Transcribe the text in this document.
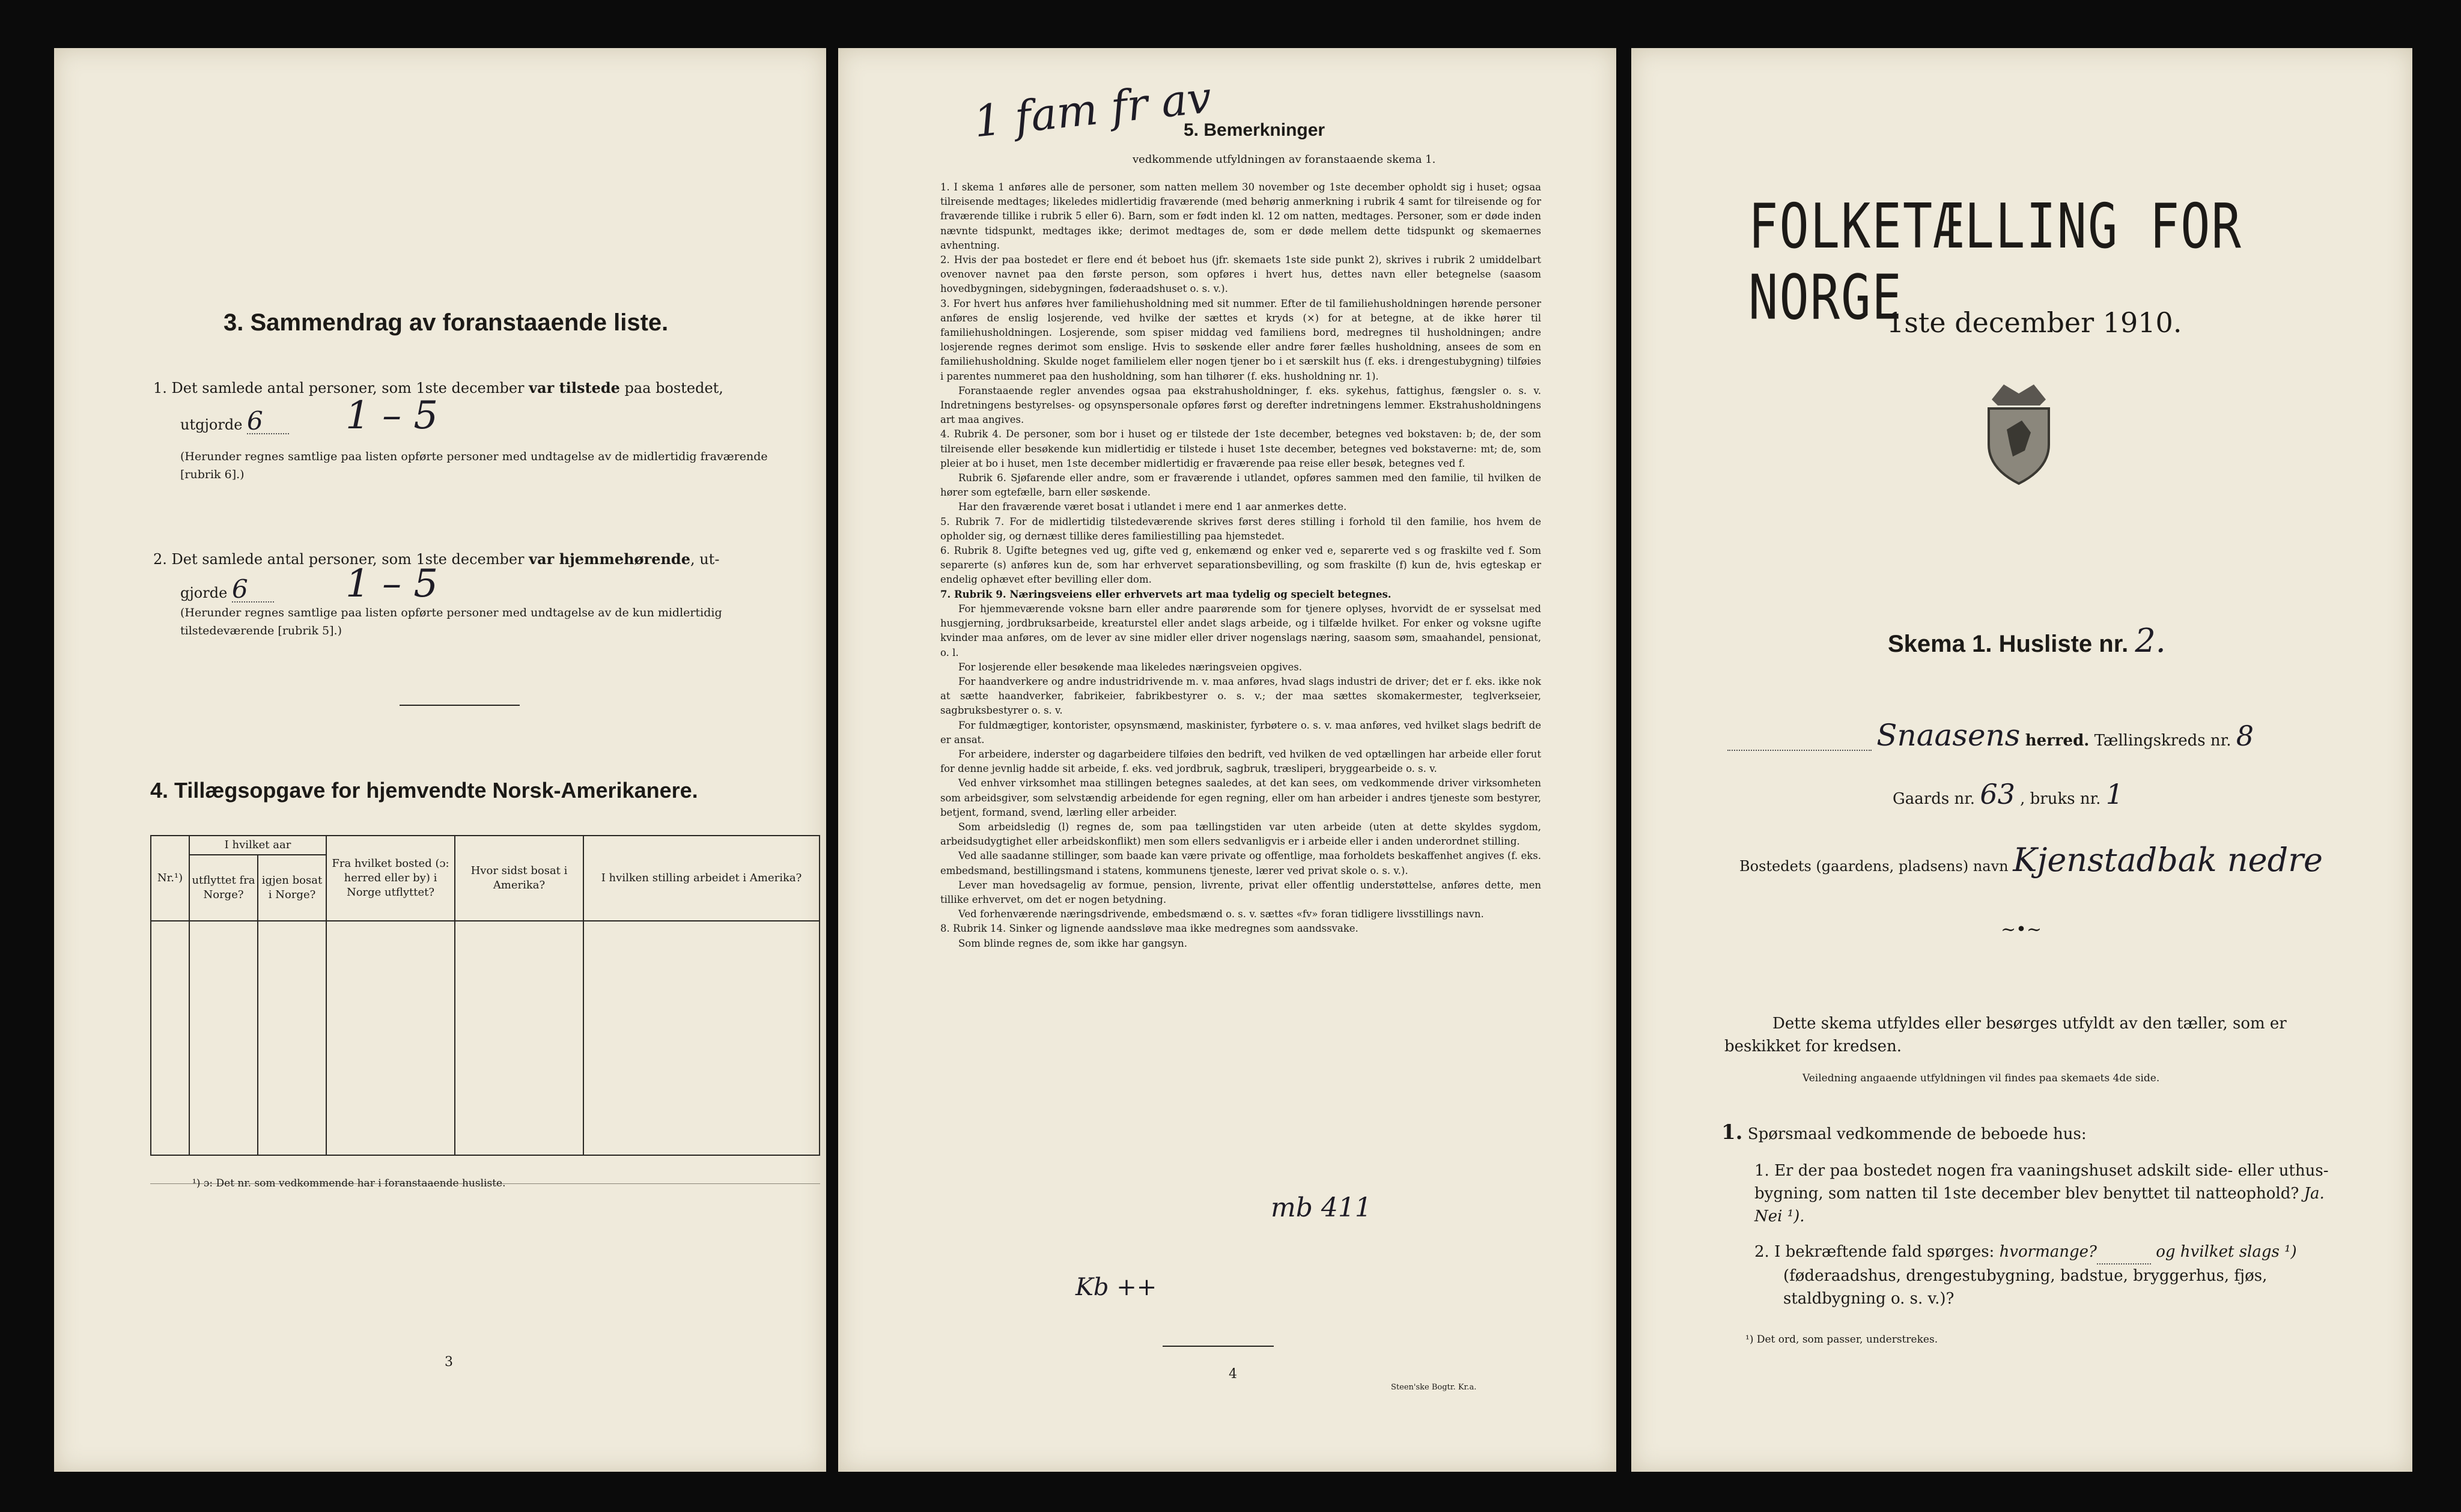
3. Sammendrag av foranstaaende liste.
1. Det samlede antal personer, som 1ste december var tilstede paa bostedet,
utgjorde 6	1 – 5
(Herunder regnes samtlige paa listen opførte personer med undtagelse av de midlertidig fraværende [rubrik 6].)
2. Det samlede antal personer, som 1ste december var hjemmehørende, ut-
gjorde 6	1 – 5
(Herunder regnes samtlige paa listen opførte personer med undtagelse av de kun midlertidig tilstedeværende [rubrik 5].)
4. Tillægsopgave for hjemvendte Norsk-Amerikanere.
Nr.¹)	I hvilket aar		Fra hvilket bosted (ɔ: herred eller by) i Norge utflyttet?	Hvor sidst bosat i Amerika?	I hvilken stilling arbeidet i Amerika?
	utflyttet fra Norge?	igjen bosat i Norge?			

¹) ɔ: Det nr. som vedkommende har i foranstaaende husliste.
3
1 fam fr av
5. Bemerkninger
vedkommende utfyldningen av foranstaaende skema 1.

1. I skema 1 anføres alle de personer, som natten mellem 30 november og 1ste december opholdt sig i huset; ogsaa tilreisende medtages; likeledes midlertidig fraværende (med behørig anmerkning i rubrik 4 samt for tilreisende og for fraværende tillike i rubrik 5 eller 6). Barn, som er født inden kl. 12 om natten, medtages. Personer, som er døde inden nævnte tidspunkt, medtages ikke; derimot medtages de, som er døde mellem dette tidspunkt og skemaernes avhentning.

2. Hvis der paa bostedet er flere end ét beboet hus (jfr. skemaets 1ste side punkt 2), skrives i rubrik 2 umiddelbart ovenover navnet paa den første person, som opføres i hvert hus, dettes navn eller betegnelse (saasom hovedbygningen, sidebygningen, føderaadshuset o. s. v.).

3. For hvert hus anføres hver familiehusholdning med sit nummer. Efter de til familiehusholdningen hørende personer anføres de enslig losjerende, ved hvilke der sættes et kryds (×) for at betegne, at de ikke hører til familiehusholdningen. Losjerende, som spiser middag ved familiens bord, medregnes til husholdningen; andre losjerende regnes derimot som enslige. Hvis to søskende eller andre fører fælles husholdning, ansees de som en familiehusholdning. Skulde noget familielem eller nogen tjener bo i et særskilt hus (f. eks. i drengestubygning) tilføies i parentes nummeret paa den husholdning, som han tilhører (f. eks. husholdning nr. 1).

Foranstaaende regler anvendes ogsaa paa ekstrahusholdninger, f. eks. sykehus, fattighus, fængsler o. s. v. Indretningens bestyrelses- og opsynspersonale opføres først og derefter indretningens lemmer. Ekstrahusholdningens art maa angives.

4. Rubrik 4. De personer, som bor i huset og er tilstede der 1ste december, betegnes ved bokstaven: b; de, der som tilreisende eller besøkende kun midlertidig er tilstede i huset 1ste december, betegnes ved bokstaverne: mt; de, som pleier at bo i huset, men 1ste december midlertidig er fraværende paa reise eller besøk, betegnes ved f.

Rubrik 6. Sjøfarende eller andre, som er fraværende i utlandet, opføres sammen med den familie, til hvilken de hører som egtefælle, barn eller søskende.

Har den fraværende været bosat i utlandet i mere end 1 aar anmerkes dette.

5. Rubrik 7. For de midlertidig tilstedeværende skrives først deres stilling i forhold til den familie, hos hvem de opholder sig, og dernæst tillike deres familiestilling paa hjemstedet.

6. Rubrik 8. Ugifte betegnes ved ug, gifte ved g, enkemænd og enker ved e, separerte ved s og fraskilte ved f. Som separerte (s) anføres kun de, som har erhvervet separationsbevilling, og som fraskilte (f) kun de, hvis egteskap er endelig ophævet efter bevilling eller dom.

7. Rubrik 9. Næringsveiens eller erhvervets art maa tydelig og specielt betegnes.

For hjemmeværende voksne barn eller andre paarørende som for tjenere oplyses, hvorvidt de er sysselsat med husgjerning, jordbruksarbeide, kreaturstel eller andet slags arbeide, og i tilfælde hvilket. For enker og voksne ugifte kvinder maa anføres, om de lever av sine midler eller driver nogenslags næring, saasom søm, smaahandel, pensionat, o. l.

For losjerende eller besøkende maa likeledes næringsveien opgives.

For haandverkere og andre industridrivende m. v. maa anføres, hvad slags industri de driver; det er f. eks. ikke nok at sætte haandverker, fabrikeier, fabrikbestyrer o. s. v.; der maa sættes skomakermester, teglverkseier, sagbruksbestyrer o. s. v.

For fuldmægtiger, kontorister, opsynsmænd, maskinister, fyrbøtere o. s. v. maa anføres, ved hvilket slags bedrift de er ansat.

For arbeidere, inderster og dagarbeidere tilføies den bedrift, ved hvilken de ved optællingen har arbeide eller forut for denne jevnlig hadde sit arbeide, f. eks. ved jordbruk, sagbruk, træsliperi, bryggearbeide o. s. v.

Ved enhver virksomhet maa stillingen betegnes saaledes, at det kan sees, om vedkommende driver virksomheten som arbeidsgiver, som selvstændig arbeidende for egen regning, eller om han arbeider i andres tjeneste som bestyrer, betjent, formand, svend, lærling eller arbeider.

Som arbeidsledig (l) regnes de, som paa tællingstiden var uten arbeide (uten at dette skyldes sygdom, arbeidsudygtighet eller arbeidskonflikt) men som ellers sedvanligvis er i arbeide eller i anden underordnet stilling.

Ved alle saadanne stillinger, som baade kan være private og offentlige, maa forholdets beskaffenhet angives (f. eks. embedsmand, bestillingsmand i statens, kommunens tjeneste, lærer ved privat skole o. s. v.).

Lever man hovedsagelig av formue, pension, livrente, privat eller offentlig understøttelse, anføres dette, men tillike erhvervet, om det er nogen betydning.

Ved forhenværende næringsdrivende, embedsmænd o. s. v. sættes «fv» foran tidligere livsstillings navn.

8. Rubrik 14. Sinker og lignende aandssløve maa ikke medregnes som aandssvake.

Som blinde regnes de, som ikke har gangsyn.

mb 411
Kb ++
4
Steen'ske Bogtr. Kr.a.
FOLKETÆLLING FOR NORGE
1ste december 1910.
Skema 1. Husliste nr. 2.
Snaasens herred. Tællingskreds nr. 8
Gaards nr. 63 , bruks nr. 1
Bostedets (gaardens, pladsens) navn Kjenstadbak nedre
~•~
Dette skema utfyldes eller besørges utfyldt av den tæller, som er beskikket for kredsen.
Veiledning angaaende utfyldningen vil findes paa skemaets 4de side.
1. Spørsmaal vedkommende de beboede hus:
1. Er der paa bostedet nogen fra vaaningshuset adskilt side- eller uthus-bygning, som natten til 1ste december blev benyttet til natteophold? Ja. Nei ¹).
2. I bekræftende fald spørges: hvormange?	og hvilket slags ¹)
(føderaadshus, drengestubygning, badstue, bryggerhus, fjøs, staldbygning o. s. v.)?
¹) Det ord, som passer, understrekes.
